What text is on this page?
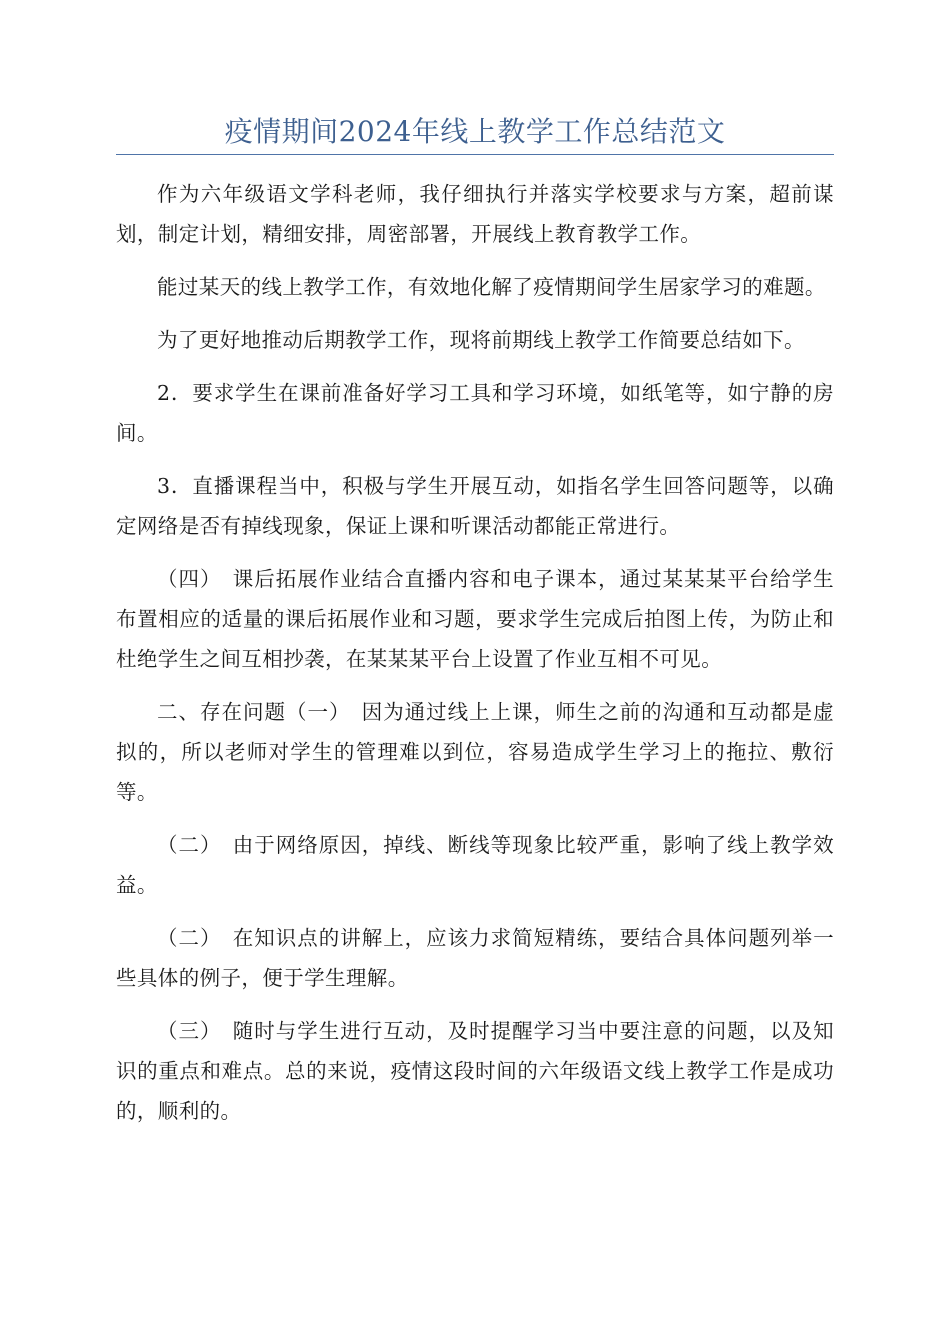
疫情期间2024年线上教学工作总结范文

作为六年级语文学科老师，我仔细执行并落实学校要求与方案，超前谋划，制定计划，精细安排，周密部署，开展线上教育教学工作。

能过某天的线上教学工作，有效地化解了疫情期间学生居家学习的难题。

为了更好地推动后期教学工作，现将前期线上教学工作简要总结如下。

2．要求学生在课前准备好学习工具和学习环境，如纸笔等，如宁静的房间。

3．直播课程当中，积极与学生开展互动，如指名学生回答问题等，以确定网络是否有掉线现象，保证上课和听课活动都能正常进行。

（四）　课后拓展作业结合直播内容和电子课本，通过某某某平台给学生布置相应的适量的课后拓展作业和习题，要求学生完成后拍图上传，为防止和杜绝学生之间互相抄袭，在某某某平台上设置了作业互相不可见。

二、存在问题（一）　因为通过线上上课，师生之前的沟通和互动都是虚拟的，所以老师对学生的管理难以到位，容易造成学生学习上的拖拉、敷衍等。

（二）　由于网络原因，掉线、断线等现象比较严重，影响了线上教学效益。

（二）　在知识点的讲解上，应该力求简短精练，要结合具体问题列举一些具体的例子，便于学生理解。

（三）　随时与学生进行互动，及时提醒学习当中要注意的问题，以及知识的重点和难点。总的来说，疫情这段时间的六年级语文线上教学工作是成功的，顺利的。
